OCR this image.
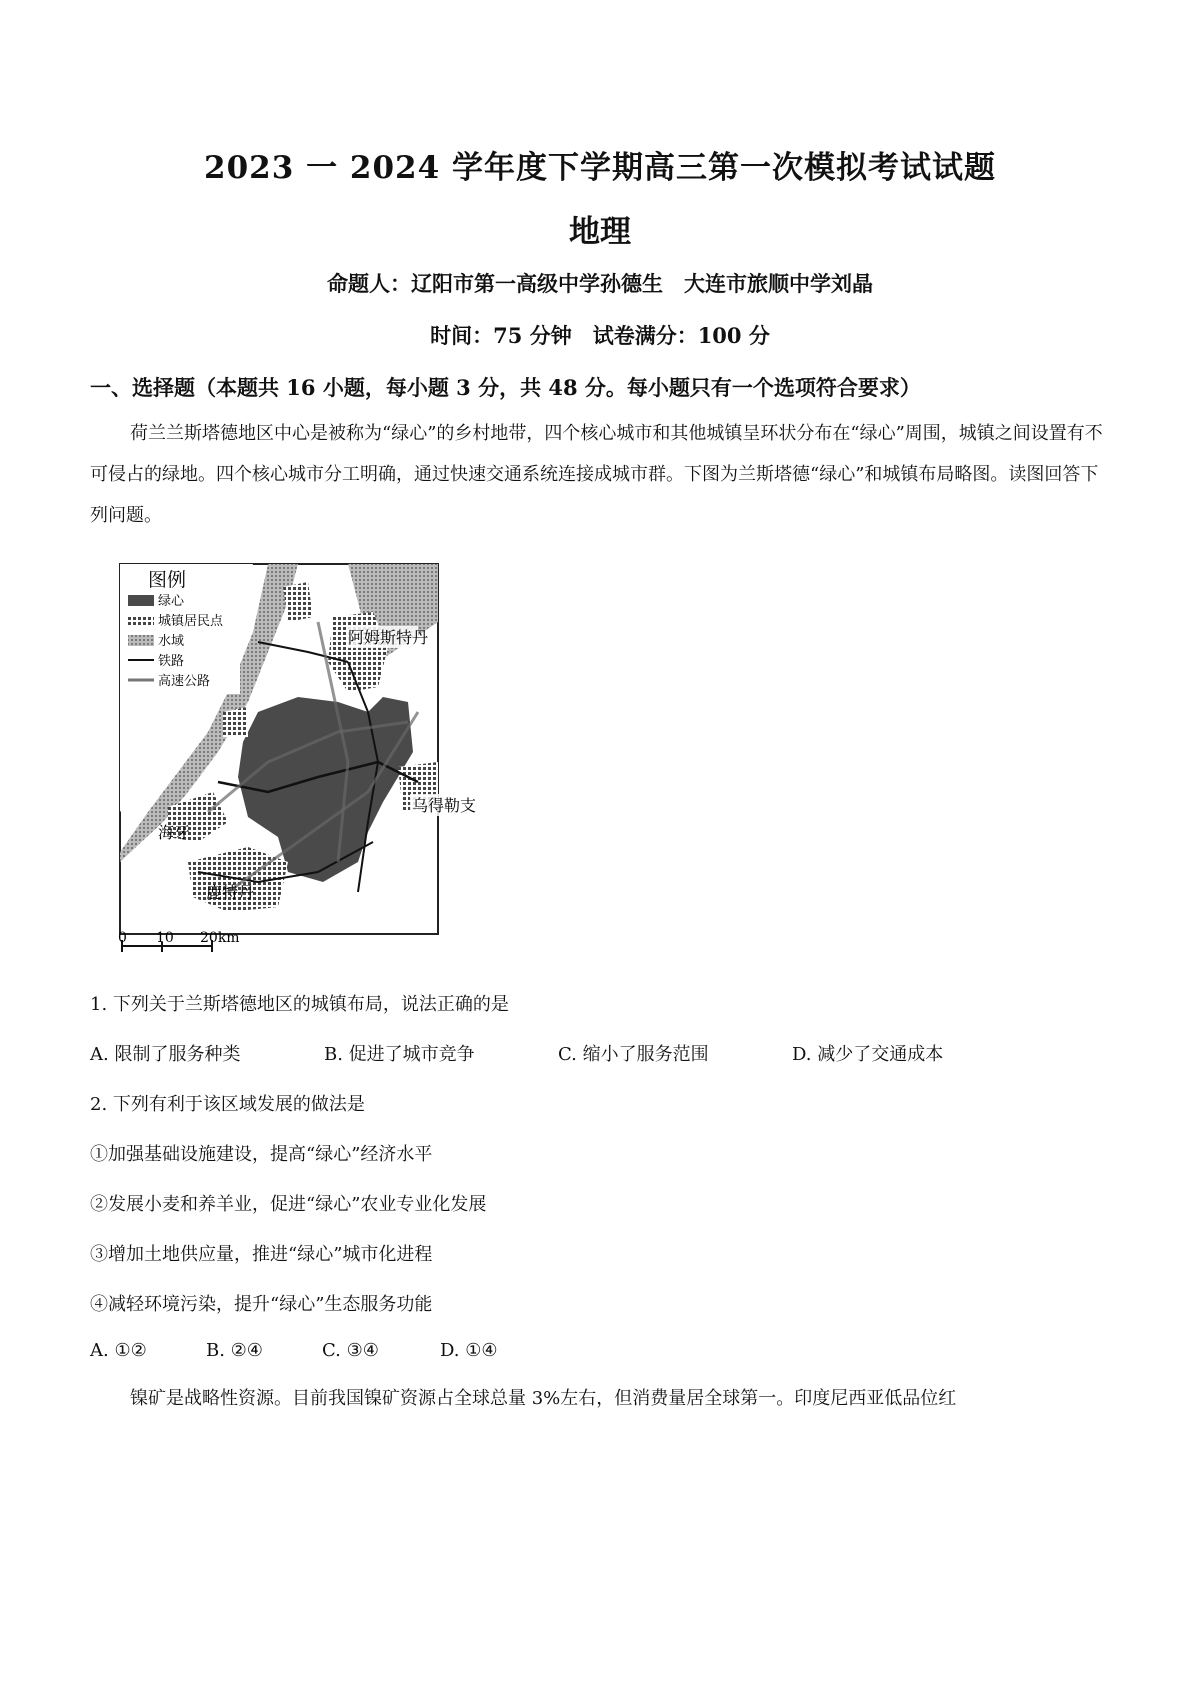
2023 一 2024 学年度下学期高三第一次模拟考试试题
地理
命题人：辽阳市第一高级中学孙德生　大连市旅顺中学刘晶
时间：75 分钟　试卷满分：100 分
一、选择题（本题共 16 小题，每小题 3 分，共 48 分。每小题只有一个选项符合要求）
荷兰兰斯塔德地区中心是被称为“绿心”的乡村地带，四个核心城市和其他城镇呈环状分布在“绿心”周围，城镇之间设置有不可侵占的绿地。四个核心城市分工明确，通过快速交通系统连接成城市群。下图为兰斯塔德“绿心”和城镇布局略图。读图回答下列问题。
图例
绿心
城镇居民点
水域
铁路
高速公路
阿姆斯特丹
乌得勒支
海牙
鹿特丹
0 10 20km
1. 下列关于兰斯塔德地区的城镇布局，说法正确的是
A. 限制了服务种类	B. 促进了城市竞争	C. 缩小了服务范围	D. 减少了交通成本
2. 下列有利于该区域发展的做法是
①加强基础设施建设，提高“绿心”经济水平
②发展小麦和养羊业，促进“绿心”农业专业化发展
③增加土地供应量，推进“绿心”城市化进程
④减轻环境污染，提升“绿心”生态服务功能
A. ①②	B. ②④	C. ③④	D. ①④
镍矿是战略性资源。目前我国镍矿资源占全球总量 3%左右，但消费量居全球第一。印度尼西亚低品位红
